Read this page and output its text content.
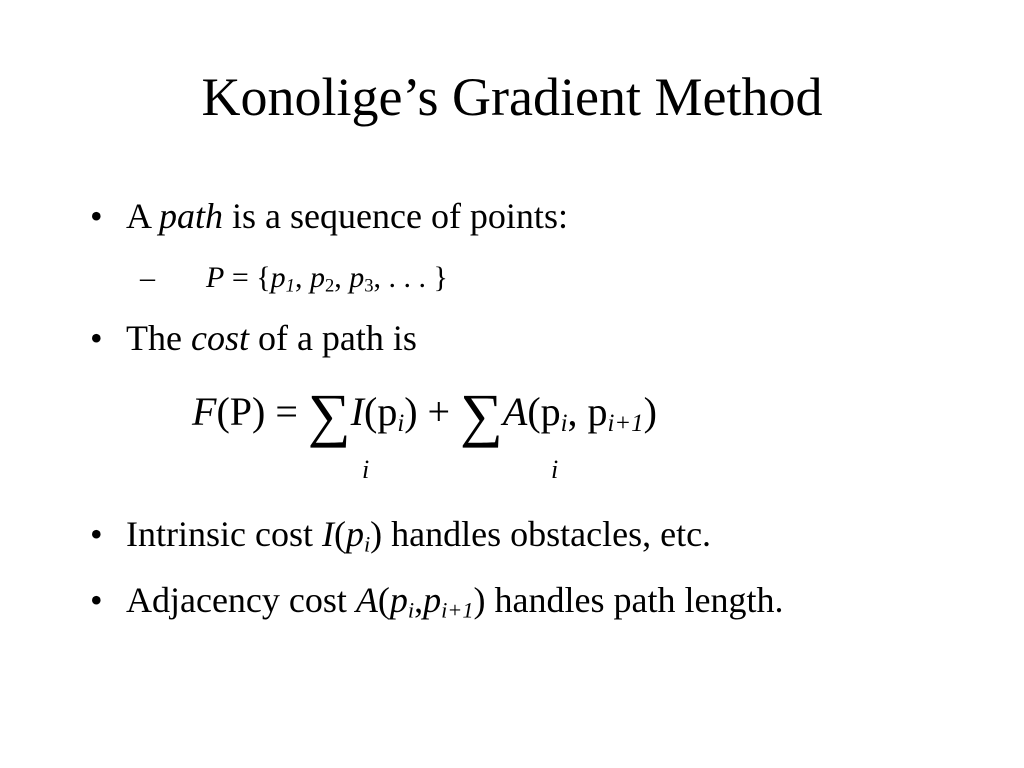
Konolige’s Gradient Method
• A path is a sequence of points:
– $P = \{p_1$, $p_2$, $p_3$, . . . }
• The cost of a path is
$F(P) = \sum I(p_i) + \sum A(p_i$, $p_{i+1}$)
i	i
• Intrinsic cost $I(p_i)$ handles obstacles, etc.
• Adjacency cost $A(p_i,p_{i+1})$ handles path length.
